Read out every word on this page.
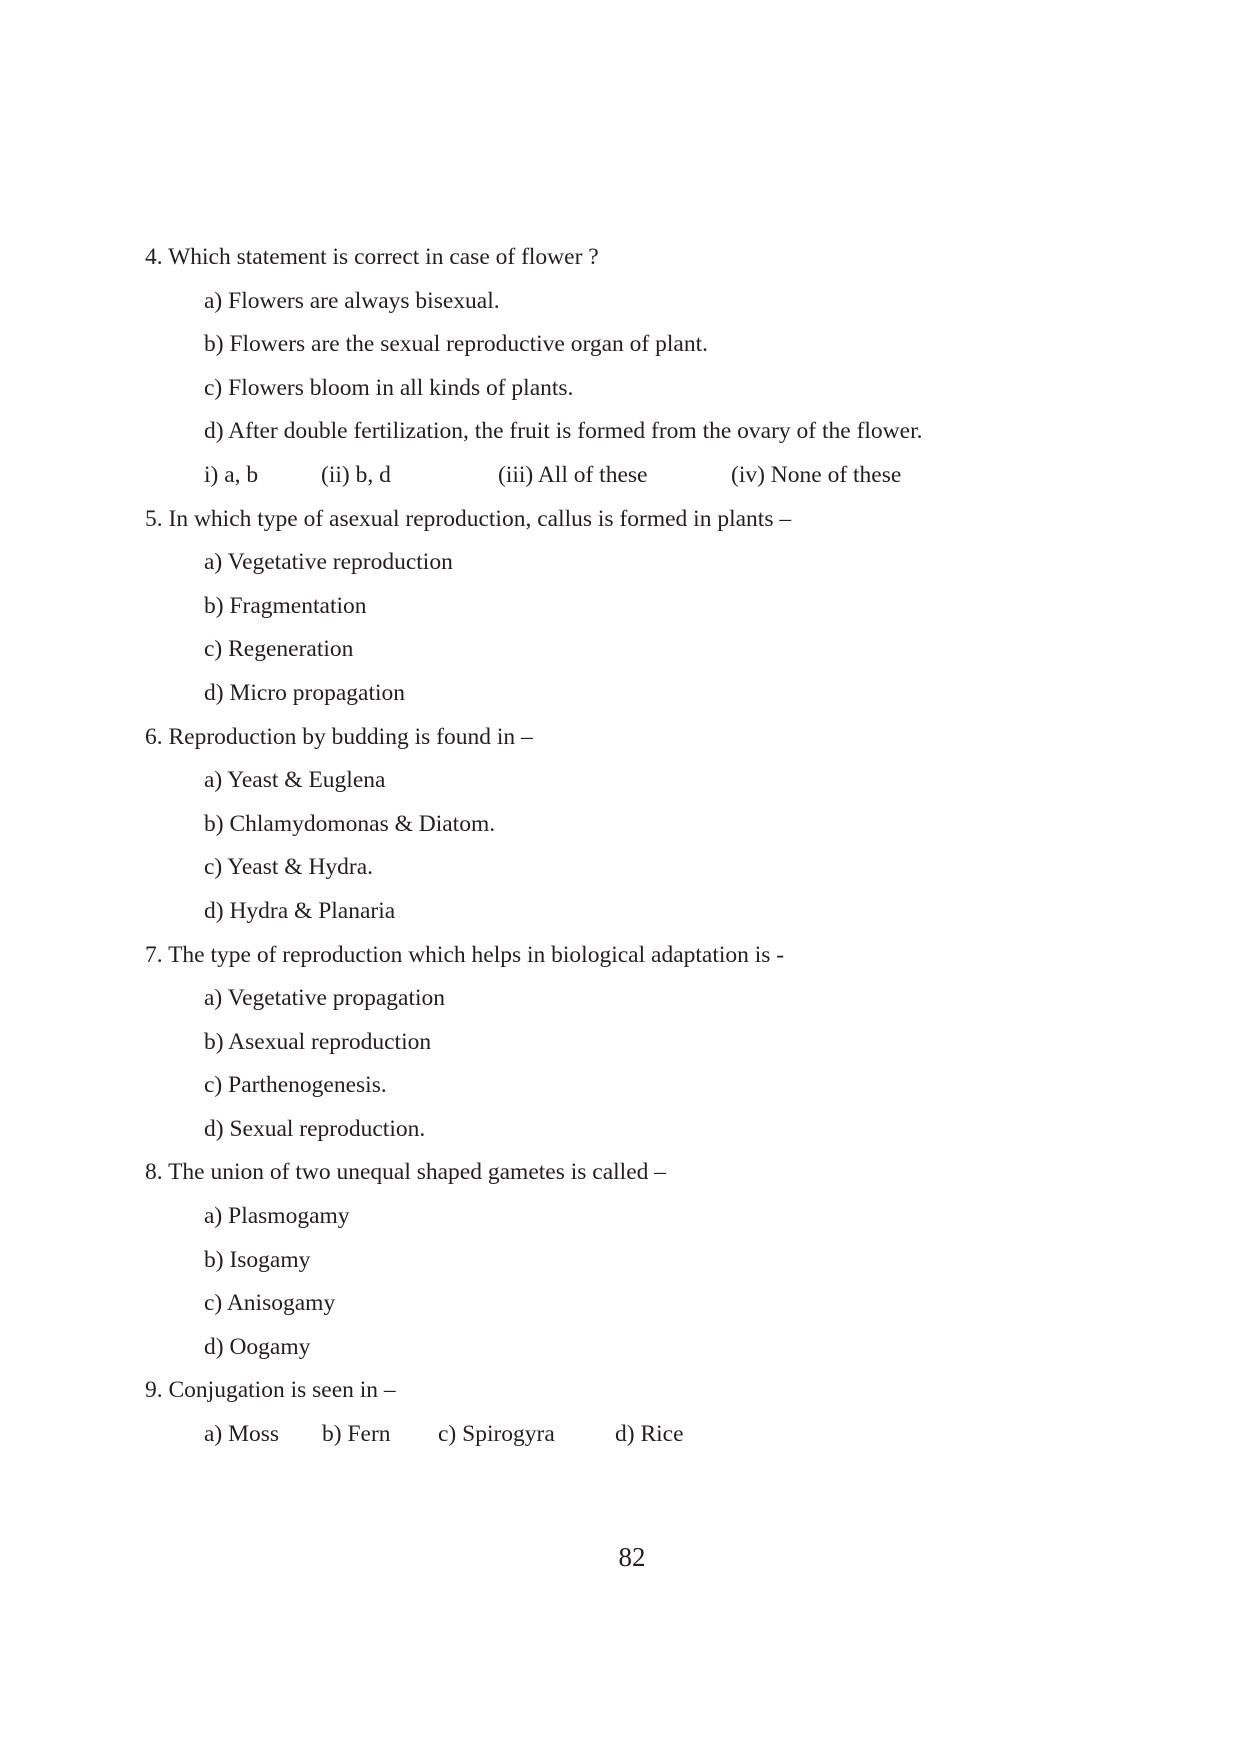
4. Which statement is correct in case of flower ?
a) Flowers are always bisexual.
b) Flowers are the sexual reproductive organ of plant.
c) Flowers bloom in all kinds of plants.
d) After double fertilization, the fruit is formed from the ovary of the flower.
i) a, b	(ii) b, d	(iii) All of these	(iv) None of these
5. In which type of asexual reproduction, callus is formed in plants –
a) Vegetative reproduction
b) Fragmentation
c) Regeneration
d) Micro propagation
6. Reproduction by budding is found in –
a) Yeast & Euglena
b) Chlamydomonas & Diatom.
c) Yeast & Hydra.
d) Hydra & Planaria
7. The type of reproduction which helps in biological adaptation is -
a) Vegetative propagation
b) Asexual reproduction
c) Parthenogenesis.
d) Sexual reproduction.
8. The union of two unequal shaped gametes is called –
a) Plasmogamy
b) Isogamy
c) Anisogamy
d) Oogamy
9. Conjugation is seen in –
a) Moss b) Fern c) Spirogyra	d) Rice
82
